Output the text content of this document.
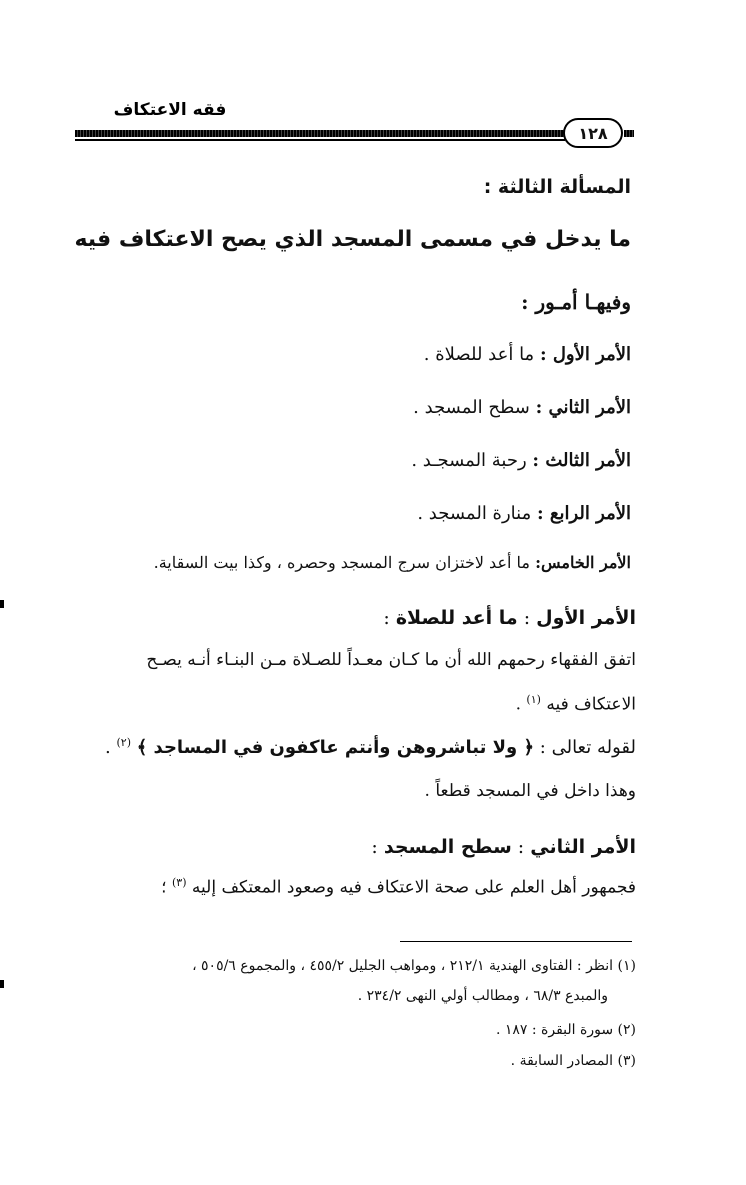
فقه الاعتكاف
١٢٨
المسألة الثالثة :
ما يدخل في مسمى المسجد الذي يصح الاعتكاف فيه
وفيهـا أمـور :
الأمر الأول : ما أعد للصلاة .
الأمر الثاني : سطح المسجد .
الأمر الثالث : رحبة المسجـد .
الأمر الرابع : منارة المسجد .
الأمر الخامس: ما أعد لاختزان سرج المسجد وحصره ، وكذا بيت السقاية.
الأمر الأول : ما أعد للصلاة :
اتفق الفقهاء رحمهم الله أن ما كـان معـداً للصـلاة مـن البنـاء أنـه يصـح
الاعتكاف فيه $^{(١)}$ .
لقوله تعالى : ﴿ ولا تباشروهن وأنتم عاكفون في المساجد ﴾ $^{(٢)}$ .
وهذا داخل في المسجد قطعاً .
الأمر الثاني : سطح المسجد :
فجمهور أهل العلم على صحة الاعتكاف فيه وصعود المعتكف إليه $^{(٣)}$ ؛
(١) انظر : الفتاوى الهندية ٢١٢/١ ، ومواهب الجليل ٤٥٥/٢ ، والمجموع ٥٠٥/٦ ،
والمبدع ٦٨/٣ ، ومطالب أولي النهى ٢٣٤/٢ .
(٢) سورة البقرة : ١٨٧ .
(٣) المصادر السابقة .
